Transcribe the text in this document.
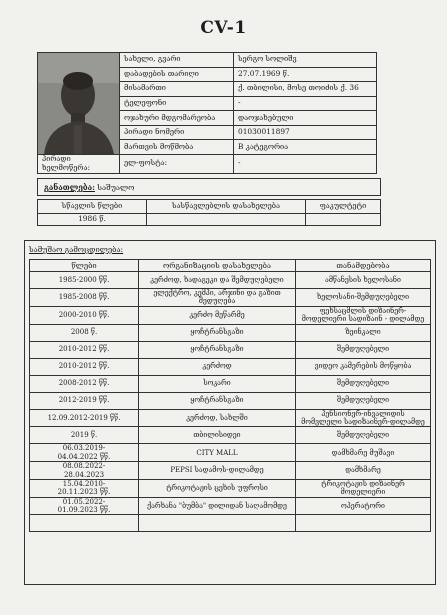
CV-1
	სახელი, გვარი	სერგო სოლიშვ
	დაბადების თარიღი	27.07.1969 წ.
	მისამართი	ქ. თბილისი, მოსე თოიძის ქ. 36
	ტელეფონი	-
	ოჯახური მდგომარეობა	დაოჯახებული
	პირადი ნომერი	01030011897
	მართვის მოწმობა	B კატეგორია
პირადი ხელმოწერა:	ელ-ფოსტა:	-
განათლება: საშუალო
სწავლის წლები	სასწავლებლის დასახელება	ფაკულტეტი
1986 წ.		
სამუშაო გამოცდილება:
წლები	ორგანიზაციის დასახელება	თანამდებობა
1985-2000 წწ.	კერძოდ, ხადაგეკი და შემდუღებელი	ამწანესის ხელოსანი
1985-2008 წწ.	ელექტრო, კემპი, არჯინი და გაზით შედუღება	ხელოსანი-შემდუღებელი
2000-2010 წწ.	კერძო მეწარმე	ფეხსაცმლის დიზაინერ-მოდელიერი სადიზაინ - დილამდე
2008 წ.	ყოჩტრანსგაზი	ზეინკალი
2010-2012 წწ.	ყოჩტრანსგაზი	შემდუღებელი
2010-2012 წწ.	კერძოდ	ვიდეო კამერების მოწყობა
2008-2012 წწ.	სოკარი	შემდუღებელი
2012-2019 წწ.	ყოჩტრანსგაზი	შემდუღებელი
12.09.2012-2019 წწ.	კერძოდ, სახლში	პენსიონერ-ინვალიდის მომვლელი სადიზაინერ-დილამდე
2019 წ.	თბილისიდეი	შემდუღებელი
06.03.2019-
04.04.2022 წწ.	CITY MALL	დამხმარე მუშავი
08.08.2022-
28.04.2023	PEPSI სადამოს-დილამდე	დამხმარე
15.04.2010-
20.11.2023 წწ.	ტრიკოტაჟის ცეხის უფროსი	ტრიკოტაჟის დიზაინერ მოდელიერი
01.05.2022-
01.09.2023 წწ.	ქარხანა "ბუმბა" დილიდან საღამომდე	ოპერატორი
